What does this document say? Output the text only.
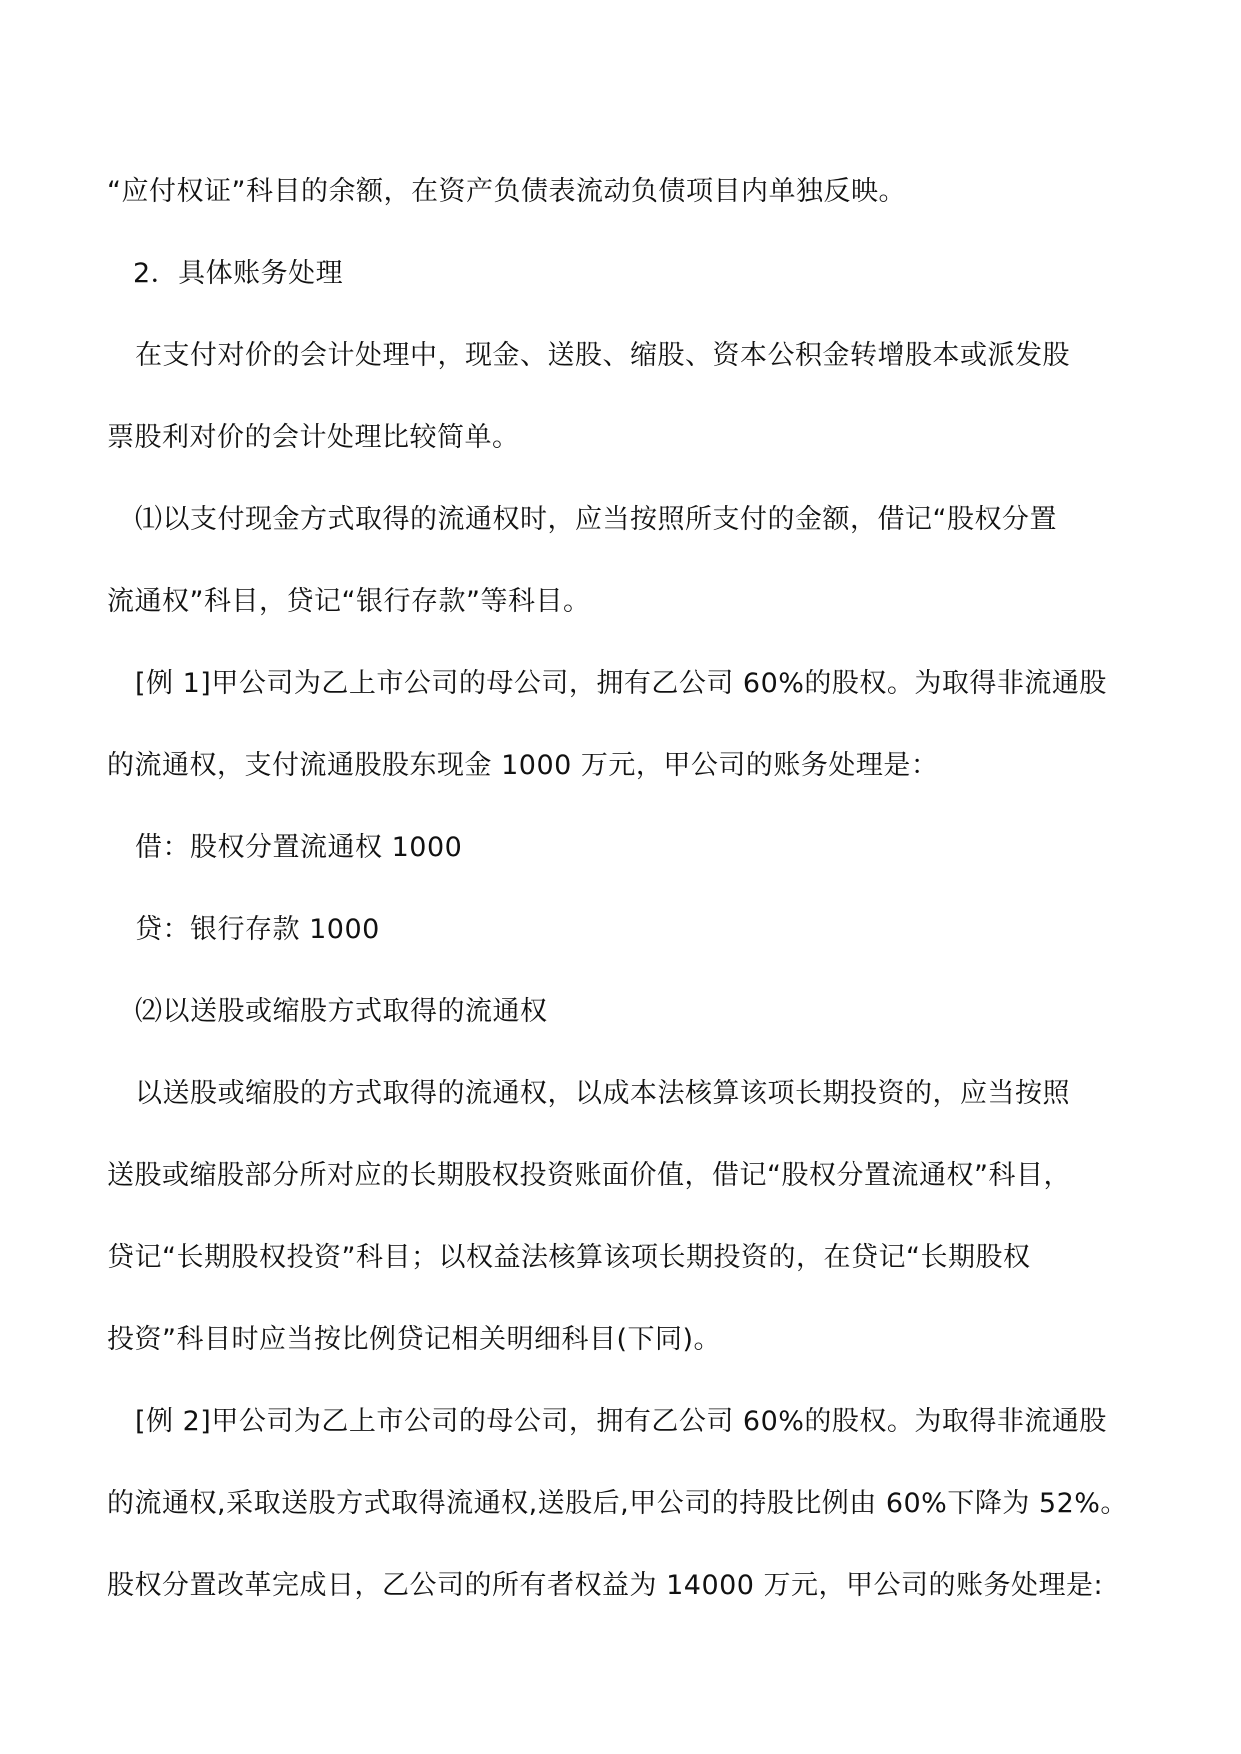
“应付权证”科目的余额，在资产负债表流动负债项目内单独反映。
2．具体账务处理
在支付对价的会计处理中，现金、送股、缩股、资本公积金转增股本或派发股
票股利对价的会计处理比较简单。
⑴以支付现金方式取得的流通权时，应当按照所支付的金额，借记“股权分置
流通权”科目，贷记“银行存款”等科目。
[例 1]甲公司为乙上市公司的母公司，拥有乙公司 60%的股权。为取得非流通股
的流通权，支付流通股股东现金 1000 万元，甲公司的账务处理是：
借：股权分置流通权 1000
贷：银行存款 1000
⑵以送股或缩股方式取得的流通权
以送股或缩股的方式取得的流通权，以成本法核算该项长期投资的，应当按照
送股或缩股部分所对应的长期股权投资账面价值，借记“股权分置流通权”科目，
贷记“长期股权投资”科目；以权益法核算该项长期投资的，在贷记“长期股权
投资”科目时应当按比例贷记相关明细科目(下同)。
[例 2]甲公司为乙上市公司的母公司，拥有乙公司 60%的股权。为取得非流通股
的流通权,采取送股方式取得流通权,送股后,甲公司的持股比例由 60%下降为 52%。
股权分置改革完成日，乙公司的所有者权益为 14000 万元，甲公司的账务处理是:
